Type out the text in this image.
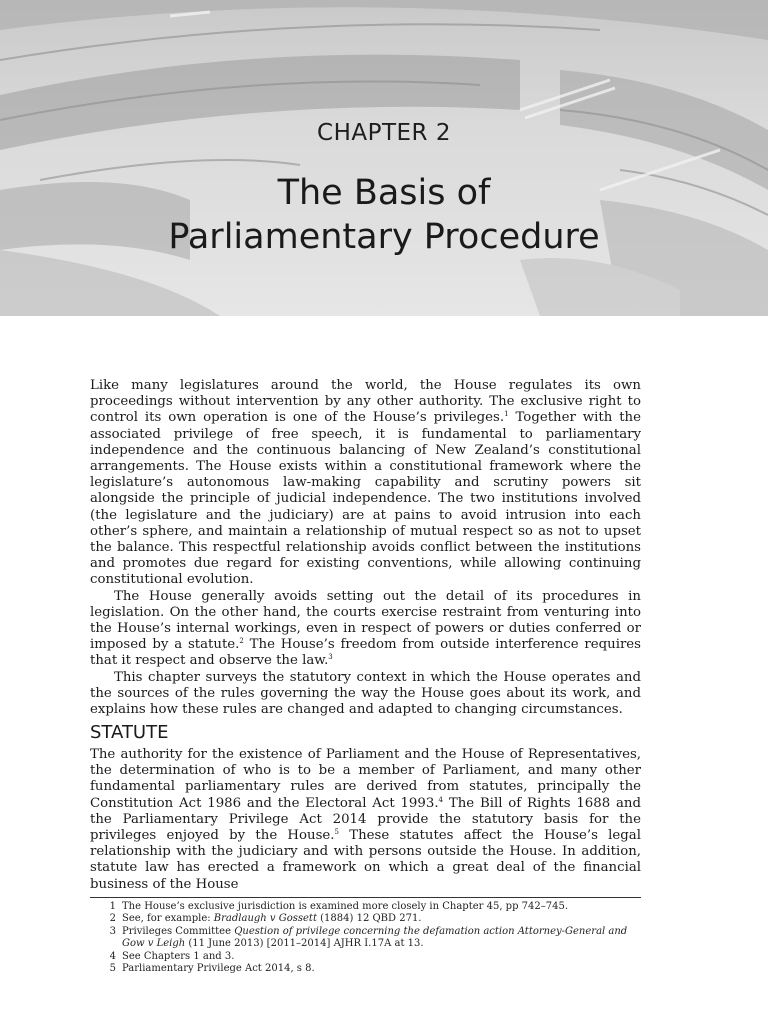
CHAPTER 2
The Basis of
Parliamentary Procedure

Like many legislatures around the world, the House regulates its own proceedings without intervention by any other authority. The exclusive right to control its own operation is one of the House’s privileges.$^1$ Together with the associated privilege of free speech, it is fundamental to parliamentary independence and the continuous balancing of New Zealand’s constitutional arrangements. The House exists within a constitutional framework where the legislature’s autonomous law-making capability and scrutiny powers sit alongside the principle of judicial independence. The two institutions involved (the legislature and the judiciary) are at pains to avoid intrusion into each other’s sphere, and maintain a relationship of mutual respect so as not to upset the balance. This respectful relationship avoids conflict between the institutions and promotes due regard for existing conventions, while allowing continuing constitutional evolution.

The House generally avoids setting out the detail of its procedures in legislation. On the other hand, the courts exercise restraint from venturing into the House’s internal workings, even in respect of powers or duties conferred or imposed by a statute.$^2$ The House’s freedom from outside interference requires that it respect and observe the law.$^3$

This chapter surveys the statutory context in which the House operates and the sources of the rules governing the way the House goes about its work, and explains how these rules are changed and adapted to changing circumstances.

STATUTE

The authority for the existence of Parliament and the House of Representatives, the determination of who is to be a member of Parliament, and many other fundamental parliamentary rules are derived from statutes, principally the Constitution Act 1986 and the Electoral Act 1993.$^4$ The Bill of Rights 1688 and the Parliamentary Privilege Act 2014 provide the statutory basis for the privileges enjoyed by the House.$^5$ These statutes affect the House’s legal relationship with the judiciary and with persons outside the House. In addition, statute law has erected a framework on which a great deal of the financial business of the House

1 The House’s exclusive jurisdiction is examined more closely in Chapter 45, pp 742–745.
2 See, for example: Bradlaugh v Gossett (1884) 12 QBD 271.
3 Privileges Committee Question of privilege concerning the defamation action Attorney-General and Gow v Leigh (11 June 2013) [2011–2014] AJHR I.17A at 13.
4 See Chapters 1 and 3.
5 Parliamentary Privilege Act 2014, s 8.
